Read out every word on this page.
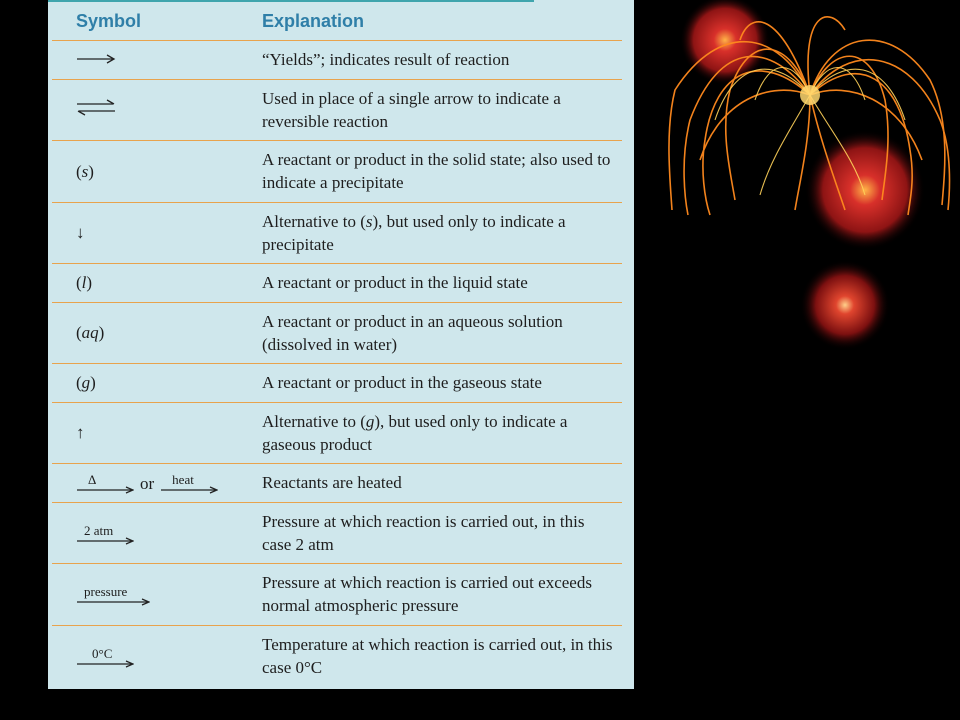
Symbol	Explanation
	“Yields”; indicates result of reaction
	Used in place of a single arrow to indicate a reversible reaction
(s)	A reactant or product in the solid state; also used to indicate a precipitate
↓	Alternative to (s), but used only to indicate a precipitate
(l)	A reactant or product in the liquid state
(aq)	A reactant or product in an aqueous solution (dissolved in water)
(g)	A reactant or product in the gaseous state
↑	Alternative to (g), but used only to indicate a gaseous product

Δ or heat	Reactants are heated

2 atm	Pressure at which reaction is carried out, in this case 2 atm

pressure	Pressure at which reaction is carried out exceeds normal atmospheric pressure

0°C	Temperature at which reaction is carried out, in this case 0°C
